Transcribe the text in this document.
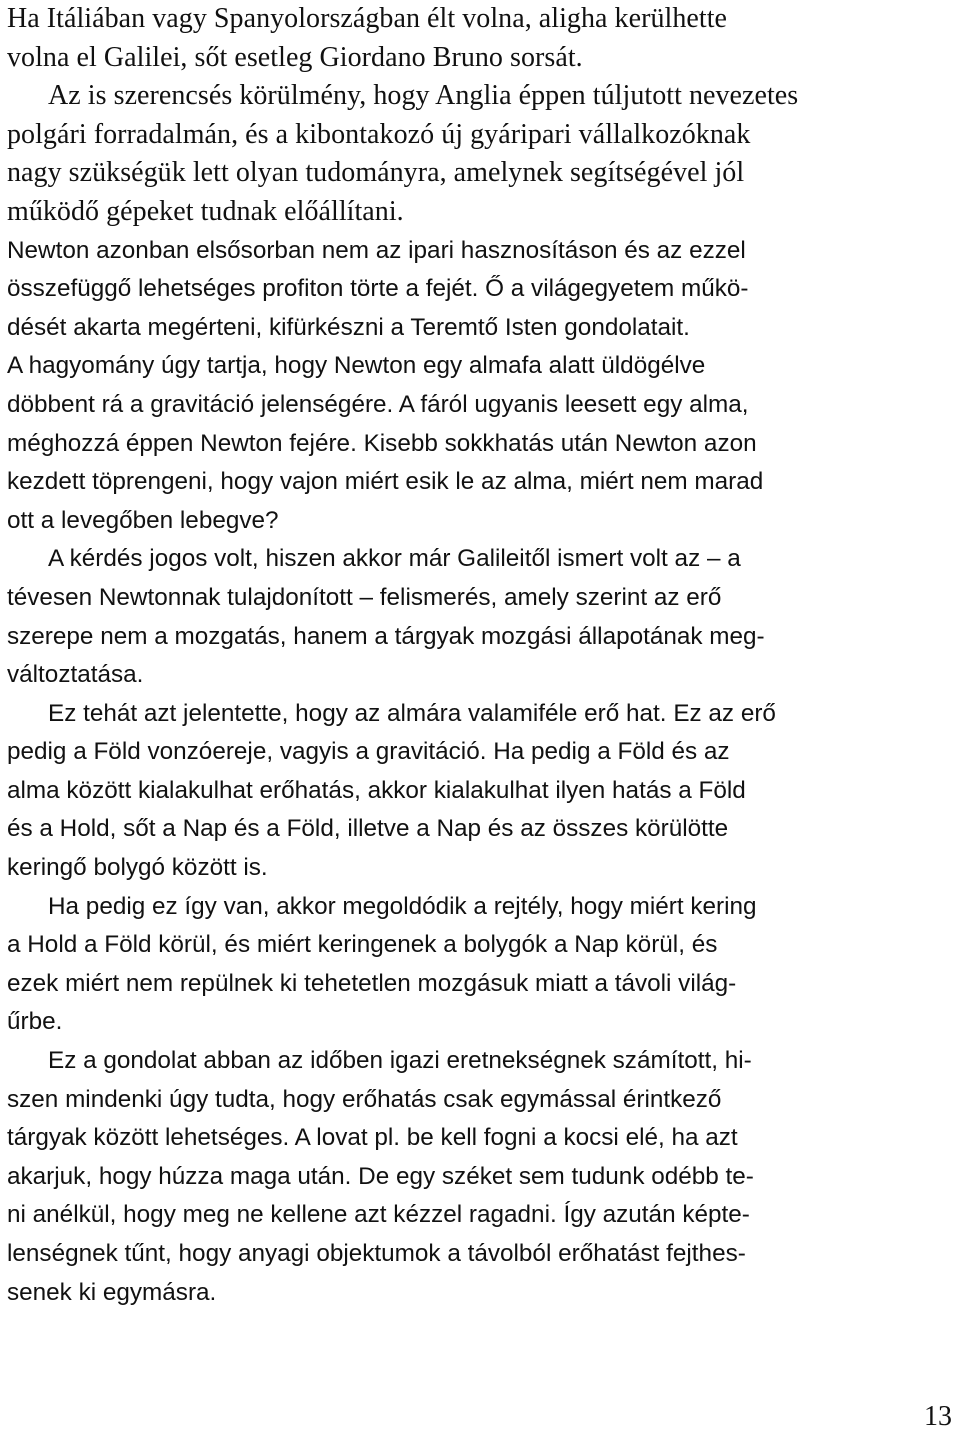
Ha Itáliában vagy Spanyolországban élt volna, aligha kerülhette
volna el Galilei, sőt esetleg Giordano Bruno sorsát.

Az is szerencsés körülmény, hogy Anglia éppen túljutott nevezetes
polgári forradalmán, és a kibontakozó új gyáripari vállalkozóknak
nagy szükségük lett olyan tudományra, amelynek segítségével jól
működő gépeket tudnak előállítani.

Newton azonban elsősorban nem az ipari hasznosításon és az ezzel
összefüggő lehetséges profiton törte a fejét. Ő a világegyetem műkö-
dését akarta megérteni, kifürkészni a Teremtő Isten gondolatait.

A hagyomány úgy tartja, hogy Newton egy almafa alatt üldögélve
döbbent rá a gravitáció jelenségére. A fáról ugyanis leesett egy alma,
méghozzá éppen Newton fejére. Kisebb sokkhatás után Newton azon
kezdett töprengeni, hogy vajon miért esik le az alma, miért nem marad
ott a levegőben lebegve?

A kérdés jogos volt, hiszen akkor már Galileitől ismert volt az – a
tévesen Newtonnak tulajdonított – felismerés, amely szerint az erő
szerepe nem a mozgatás, hanem a tárgyak mozgási állapotának meg-
változtatása.

Ez tehát azt jelentette, hogy az almára valamiféle erő hat. Ez az erő
pedig a Föld vonzóereje, vagyis a gravitáció. Ha pedig a Föld és az
alma között kialakulhat erőhatás, akkor kialakulhat ilyen hatás a Föld
és a Hold, sőt a Nap és a Föld, illetve a Nap és az összes körülötte
keringő bolygó között is.

Ha pedig ez így van, akkor megoldódik a rejtély, hogy miért kering
a Hold a Föld körül, és miért keringenek a bolygók a Nap körül, és
ezek miért nem repülnek ki tehetetlen mozgásuk miatt a távoli világ-
űrbe.

Ez a gondolat abban az időben igazi eretnekségnek számított, hi-
szen mindenki úgy tudta, hogy erőhatás csak egymással érintkező
tárgyak között lehetséges. A lovat pl. be kell fogni a kocsi elé, ha azt
akarjuk, hogy húzza maga után. De egy széket sem tudunk odébb te-
ni anélkül, hogy meg ne kellene azt kézzel ragadni. Így azután képte-
lenségnek tűnt, hogy anyagi objektumok a távolból erőhatást fejthes-
senek ki egymásra.

13
